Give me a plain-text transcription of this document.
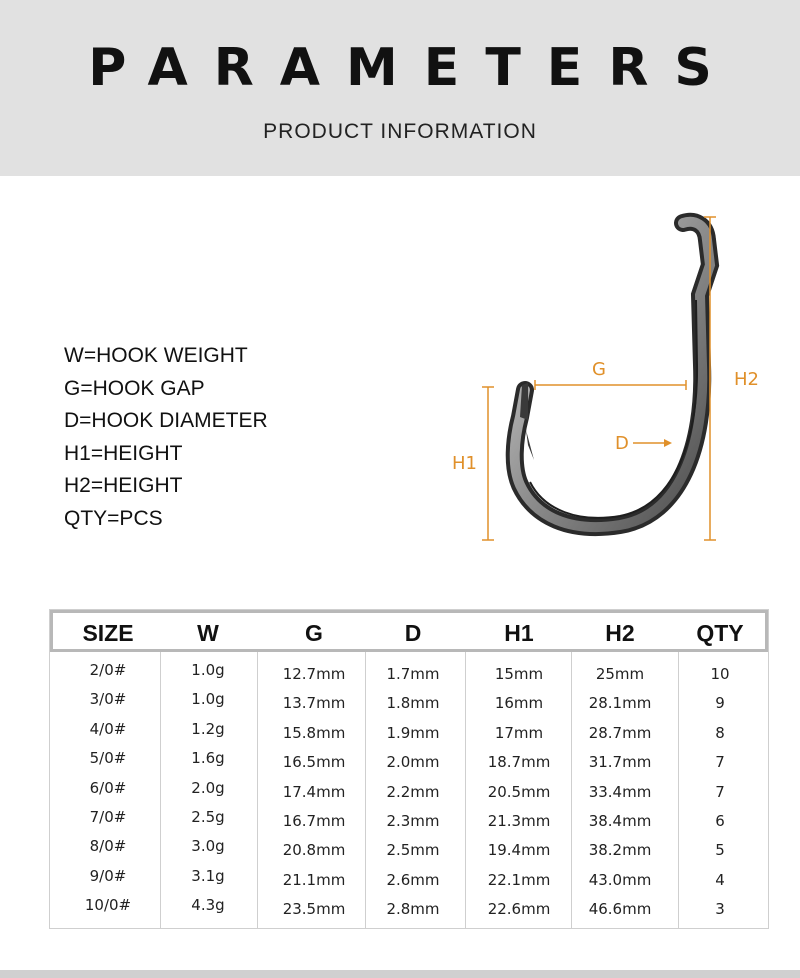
PARAMETERS
PRODUCT INFORMATION
W=HOOK WEIGHT
G=HOOK GAP
D=HOOK DIAMETER
H1=HEIGHT
H2=HEIGHT
QTY=PCS
G
D
H1
H2
SIZE	W	G	D	H1	H2	QTY
2/0#	1.0g	12.7mm	1.7mm	15mm	25mm	10
3/0#	1.0g	13.7mm	1.8mm	16mm	28.1mm	9
4/0#	1.2g	15.8mm	1.9mm	17mm	28.7mm	8
5/0#	1.6g	16.5mm	2.0mm	18.7mm	31.7mm	7
6/0#	2.0g	17.4mm	2.2mm	20.5mm	33.4mm	7
7/0#	2.5g	16.7mm	2.3mm	21.3mm	38.4mm	6
8/0#	3.0g	20.8mm	2.5mm	19.4mm	38.2mm	5
9/0#	3.1g	21.1mm	2.6mm	22.1mm	43.0mm	4
10/0#	4.3g	23.5mm	2.8mm	22.6mm	46.6mm	3
